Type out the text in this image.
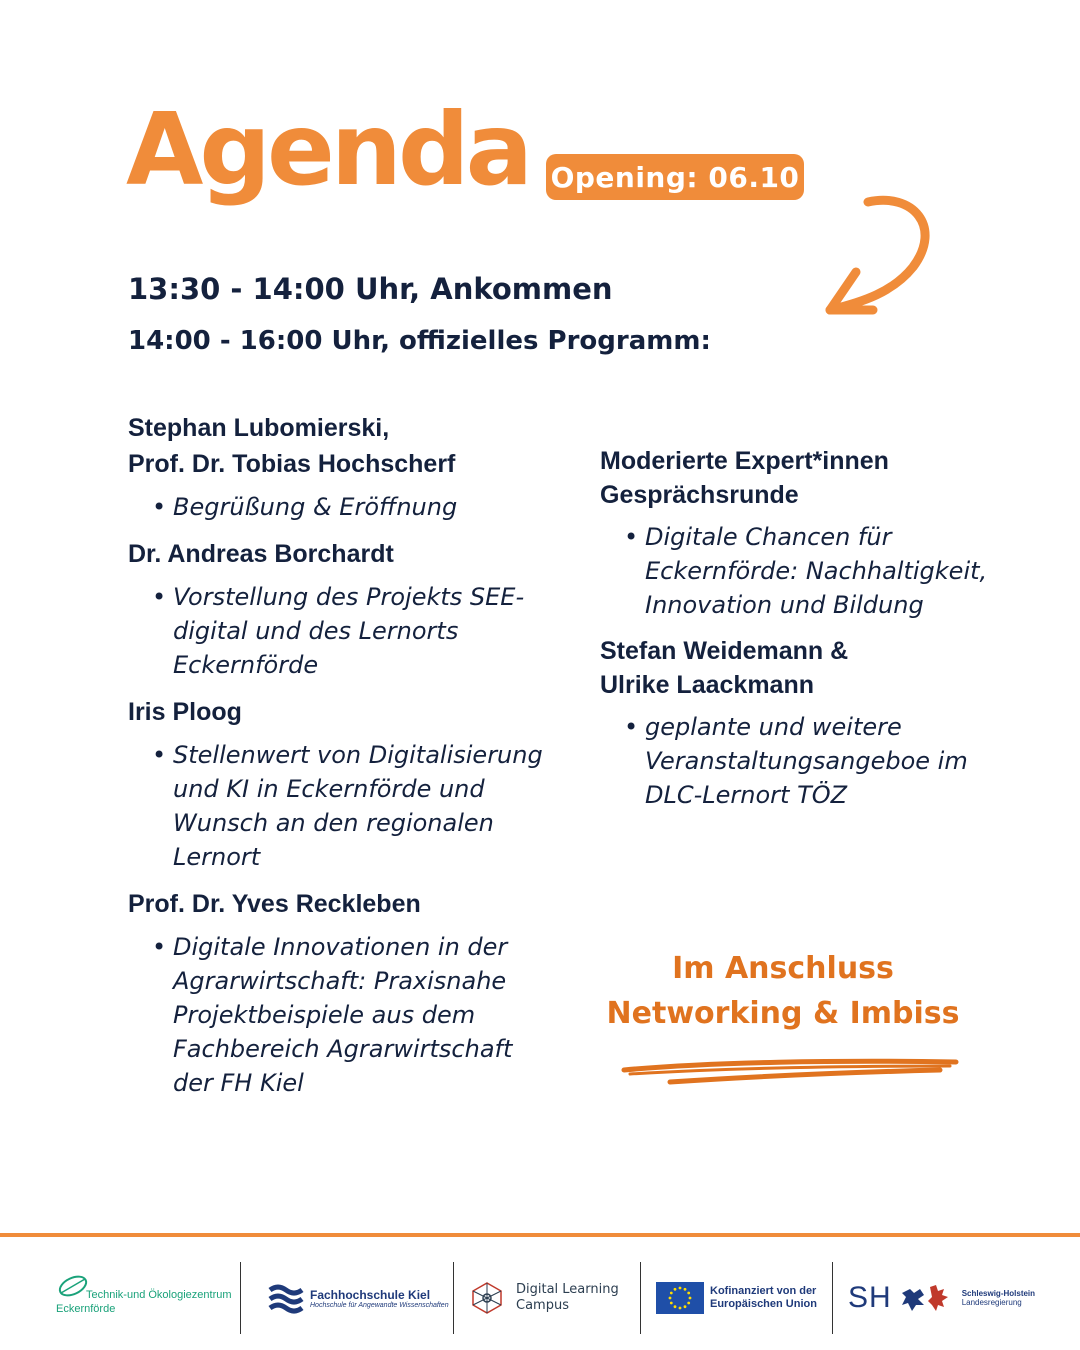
Agenda Opening: 06.10
13:30 - 14:00 Uhr, Ankommen
14:00 - 16:00 Uhr, offizielles Programm:
Stephan Lubomierski,
Prof. Dr. Tobias Hochscherf

• Begrüßung & Eröffnung

Dr. Andreas Borchardt

• Vorstellung des Projekts SEE-digital und des Lernorts Eckernförde

Iris Ploog

• Stellenwert von Digitalisierung und KI in Eckernförde und Wunsch an den regionalen Lernort

Prof. Dr. Yves Reckleben

• Digitale Innovationen in der Agrarwirtschaft: Praxisnahe Projektbeispiele aus dem Fachbereich Agrarwirtschaft der FH Kiel

Moderierte Expert*innen Gesprächsrunde

• Digitale Chancen für Eckernförde: Nachhaltigkeit, Innovation und Bildung

Stefan Weidemann &
Ulrike Laackmann

• geplante und weitere Veranstaltungsangeboe im DLC-Lernort TÖZ

Im Anschluss
Networking & Imbiss
Technik-und Ökologiezentrum
Eckernförde
Fachhochschule Kiel
Hochschule für Angewandte Wissenschaften
Digital Learning
Campus
Kofinanziert von der
Europäischen Union SH	Schleswig-Holstein
Landesregierung
